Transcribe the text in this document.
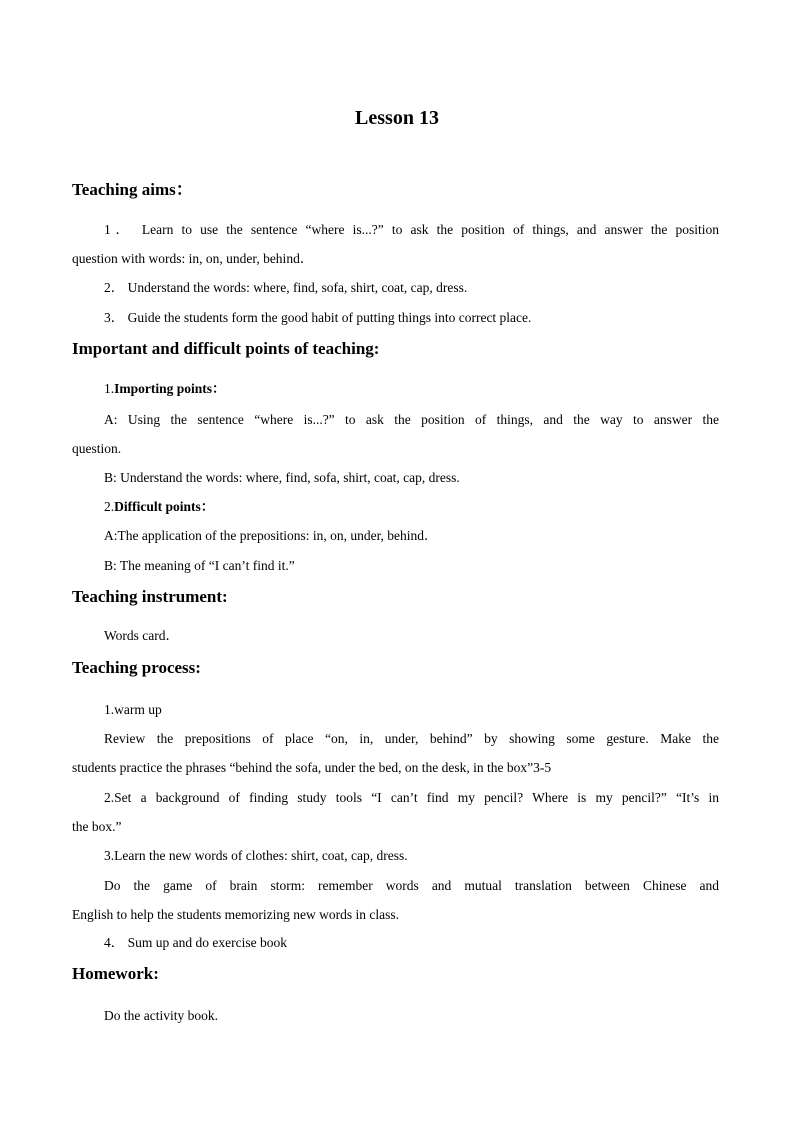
Lesson 13
Teaching aims：
1． Learn to use the sentence “where is...?” to ask the position of things, and answer the position
question with words: in, on, under, behind．
2． Understand the words: where, find, sofa, shirt, coat, cap, dress.
3． Guide the students form the good habit of putting things into correct place.
Important and difficult points of teaching:
1.Importing points：
A: Using the sentence “where is...?” to ask the position of things, and the way to answer the
question.
B: Understand the words: where, find, sofa, shirt, coat, cap, dress.
2.Difficult points：
A:The application of the prepositions: in, on, under, behind．
B: The meaning of “I can’t find it.”
Teaching instrument:
Words card．
Teaching process:
1.warm up
Review the prepositions of place “on, in, under, behind” by showing some gesture. Make the
students practice the phrases “behind the sofa, under the bed, on the desk, in the box”3-5
2.Set a background of finding study tools “I can’t find my pencil? Where is my pencil?” “It’s in
the box.”
3.Learn the new words of clothes: shirt, coat, cap, dress.
Do the game of brain storm: remember words and mutual translation between Chinese and
English to help the students memorizing new words in class.
4． Sum up and do exercise book
Homework:
Do the activity book.
